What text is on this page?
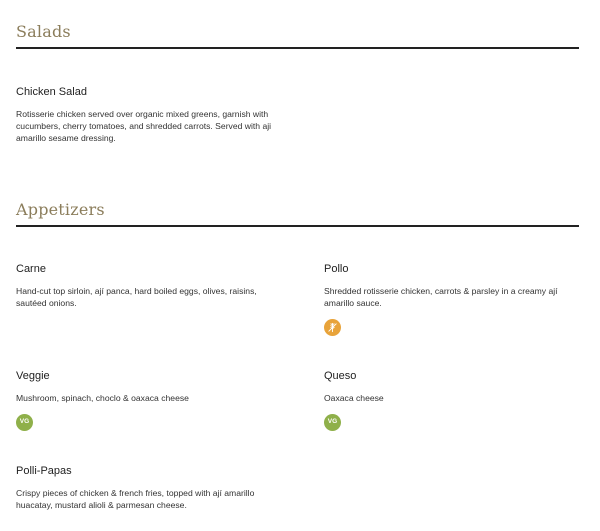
Salads
Chicken Salad

Rotisserie chicken served over organic mixed greens, garnish with cucumbers, cherry tomatoes, and shredded carrots. Served with aji amarillo sesame dressing.

Appetizers
Carne

Hand-cut top sirloin, ají panca, hard boiled eggs, olives, raisins, sautéed onions.

Pollo

Shredded rotisserie chicken, carrots & parsley in a creamy ají amarillo sauce.

Veggie

Mushroom, spinach, choclo & oaxaca cheese

VG
Queso

Oaxaca cheese

VG
Polli-Papas

Crispy pieces of chicken & french fries, topped with ají amarillo huacatay, mustard alioli & parmesan cheese.
